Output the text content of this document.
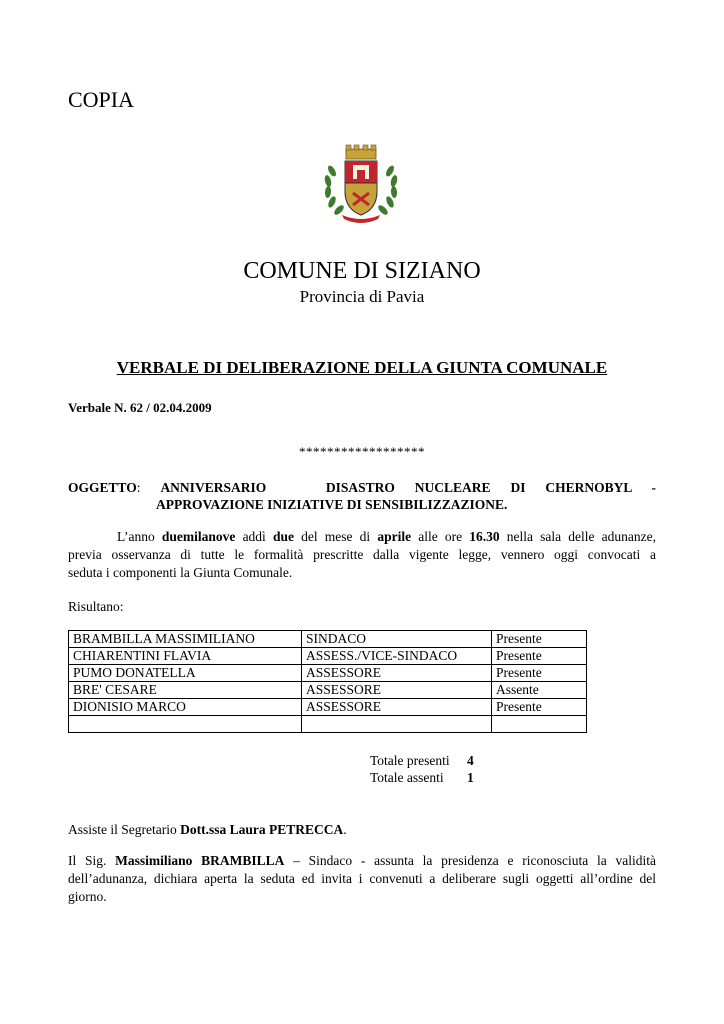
COPIA
COMUNE DI SIZIANO
Provincia di Pavia
VERBALE DI DELIBERAZIONE DELLA GIUNTA COMUNALE
Verbale N. 62 / 02.04.2009
******************
OGGETTO: ANNIVERSARIO	DISASTRO NUCLEARE DI CHERNOBYL -
APPROVAZIONE INIZIATIVE DI SENSIBILIZZAZIONE.
L’anno duemilanove addì due del mese di aprile alle ore 16.30 nella sala delle adunanze,
previa osservanza di tutte le formalità prescritte dalla vigente legge, vennero oggi convocati a
seduta i componenti la Giunta Comunale.
Risultano:
BRAMBILLA MASSIMILIANO	SINDACO	Presente
CHIARENTINI FLAVIA	ASSESS./VICE-SINDACO	Presente
PUMO DONATELLA	ASSESSORE	Presente
BRE' CESARE	ASSESSORE	Assente
DIONISIO MARCO	ASSESSORE	Presente

Totale presenti 4
Totale assenti 1
Assiste il Segretario Dott.ssa Laura PETRECCA.
Il Sig. Massimiliano BRAMBILLA – Sindaco - assunta la presidenza e riconosciuta la validità
dell’adunanza, dichiara aperta la seduta ed invita i convenuti a deliberare sugli oggetti all’ordine del
giorno.
